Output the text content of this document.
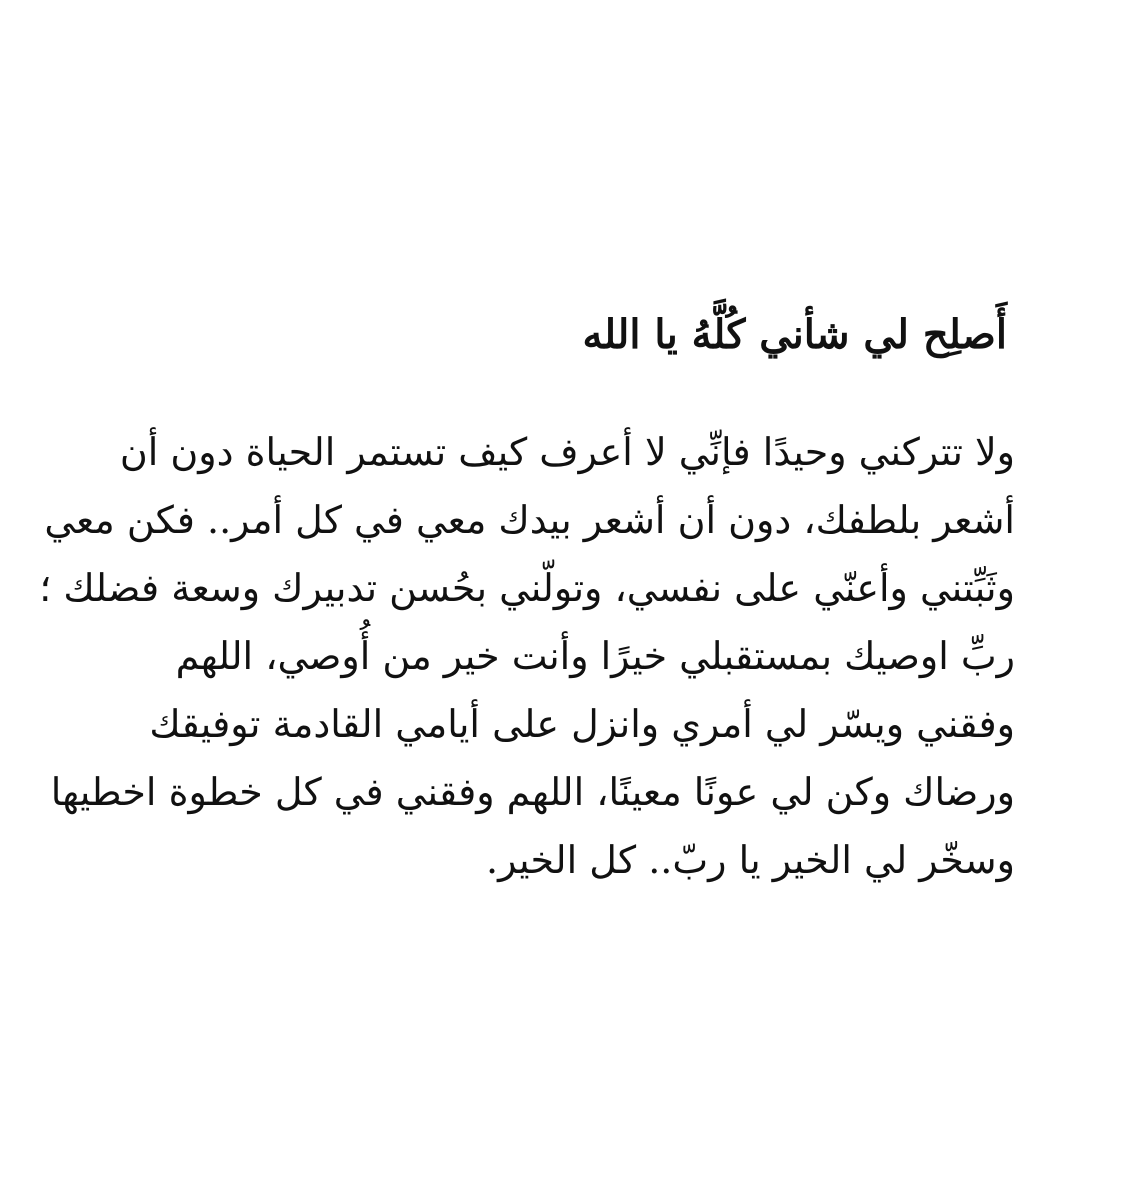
أَصلِح لي شأني كُلَّهُ يا الله
ولا تتركني وحيدًا فإنِّي لا أعرف كيف تستمر الحياة دون أن
أشعر بلطفك، دون أن أشعر بيدك معي في كل أمر.. فكن معي
وثَبِّتني وأعنّي على نفسي، وتولّني بحُسن تدبيرك وسعة فضلك ؛
ربِّ اوصيك بمستقبلي خيرًا وأنت خير من أُوصي، اللهم
وفقني ويسّر لي أمري وانزل على أيامي القادمة توفيقك
ورضاك وكن لي عونًا معينًا، اللهم وفقني في كل خطوة اخطيها
وسخّر لي الخير يا ربّ.. كل الخير.
